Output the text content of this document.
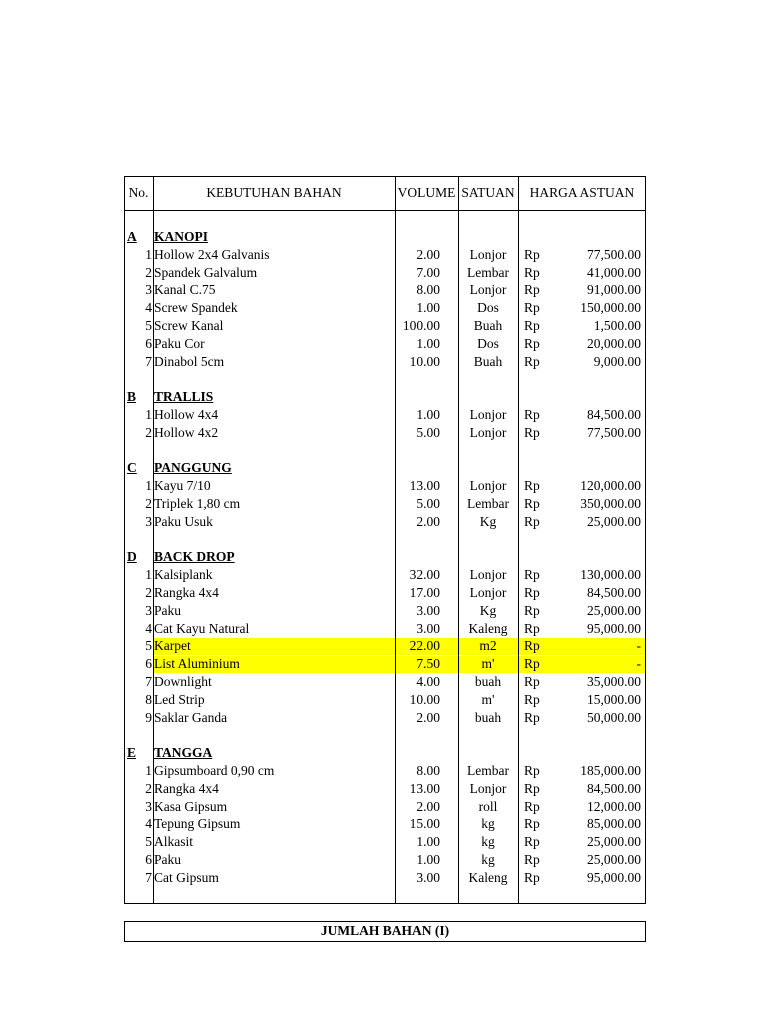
No.	KEBUTUHAN BAHAN	VOLUME SATUAN	HARGA ASTUAN
A	KANOPI
1 Hollow 2x4 Galvanis	2.00	Lonjor	Rp	77,500.00
2 Spandek Galvalum	7.00	Lembar	Rp	41,000.00
3 Kanal C.75	8.00	Lonjor	Rp	91,000.00
4 Screw Spandek	1.00	Dos	Rp	150,000.00
5 Screw Kanal	100.00	Buah	Rp	1,500.00
6 Paku Cor	1.00	Dos	Rp	20,000.00
7 Dinabol 5cm	10.00	Buah	Rp	9,000.00
B	TRALLIS
1 Hollow 4x4	1.00	Lonjor	Rp	84,500.00
2 Hollow 4x2	5.00	Lonjor	Rp	77,500.00
C	PANGGUNG
1 Kayu 7/10	13.00	Lonjor	Rp	120,000.00
2 Triplek 1,80 cm	5.00	Lembar	Rp	350,000.00
3 Paku Usuk	2.00	Kg	Rp	25,000.00
D	BACK DROP
1 Kalsiplank	32.00	Lonjor	Rp	130,000.00
2 Rangka 4x4	17.00	Lonjor	Rp	84,500.00
3 Paku	3.00	Kg	Rp	25,000.00
4 Cat Kayu Natural	3.00	Kaleng	Rp	95,000.00
5 Karpet	22.00	m2	Rp	-
6 List Aluminium	7.50	m'	Rp	-
7 Downlight	4.00	buah	Rp	35,000.00
8 Led Strip	10.00	m'	Rp	15,000.00
9 Saklar Ganda	2.00	buah	Rp	50,000.00
E	TANGGA
1 Gipsumboard 0,90 cm	8.00	Lembar	Rp	185,000.00
2 Rangka 4x4	13.00	Lonjor	Rp	84,500.00
3 Kasa Gipsum	2.00	roll	Rp	12,000.00
4 Tepung Gipsum	15.00	kg	Rp	85,000.00
5 Alkasit	1.00	kg	Rp	25,000.00
6 Paku	1.00	kg	Rp	25,000.00
7 Cat Gipsum	3.00	Kaleng	Rp	95,000.00
JUMLAH BAHAN (I)
